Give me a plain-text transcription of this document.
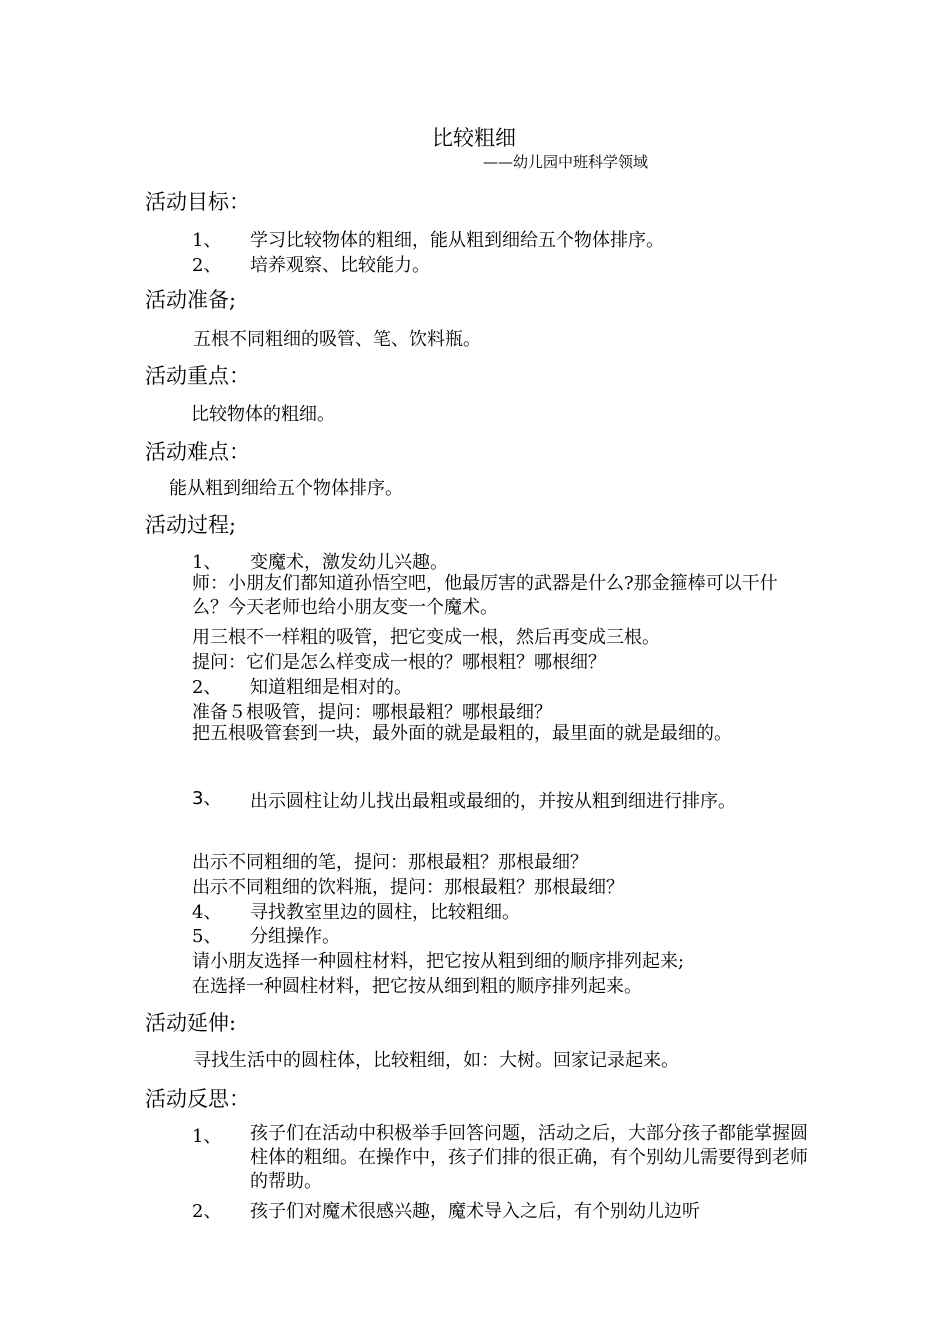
比较粗细
——幼儿园中班科学领域
活动目标：
1、 学习比较物体的粗细，能从粗到细给五个物体排序。
2、 培养观察、比较能力。
活动准备;
五根不同粗细的吸管、笔、饮料瓶。
活动重点：
比较物体的粗细。
活动难点：
能从粗到细给五个物体排序。
活动过程;
1、 变魔术，激发幼儿兴趣。
师：小朋友们都知道孙悟空吧，他最厉害的武器是什么?那金箍棒可以干什么？今天老师也给小朋友变一个魔术。
用三根不一样粗的吸管，把它变成一根，然后再变成三根。
提问：它们是怎么样变成一根的？哪根粗？哪根细？
2、 知道粗细是相对的。
准备５根吸管，提问：哪根最粗？哪根最细？
把五根吸管套到一块，最外面的就是最粗的，最里面的就是最细的。
3、 出示圆柱让幼儿找出最粗或最细的，并按从粗到细进行排序。
出示不同粗细的笔，提问：那根最粗？那根最细？
出示不同粗细的饮料瓶，提问：那根最粗？那根最细？
4、 寻找教室里边的圆柱，比较粗细。
5、 分组操作。
请小朋友选择一种圆柱材料，把它按从粗到细的顺序排列起来;
在选择一种圆柱材料，把它按从细到粗的顺序排列起来。
活动延伸:
寻找生活中的圆柱体，比较粗细，如：大树。回家记录起来。
活动反思：
1、 孩子们在活动中积极举手回答问题，活动之后，大部分孩子都能掌握圆柱体的粗细。在操作中，孩子们排的很正确，有个别幼儿需要得到老师的帮助。
2、 孩子们对魔术很感兴趣，魔术导入之后，有个别幼儿边听
